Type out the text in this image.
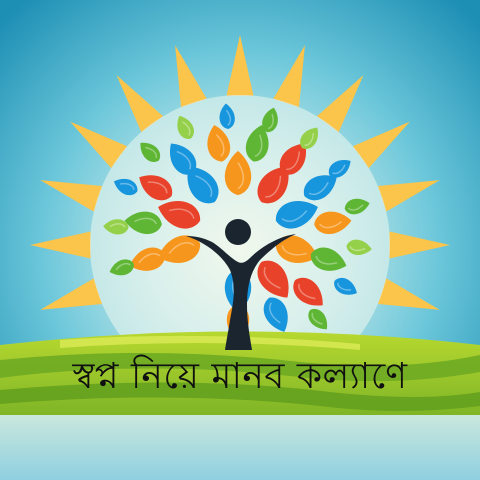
স্বপ্ন নিয়ে মানব কল্যাণে
